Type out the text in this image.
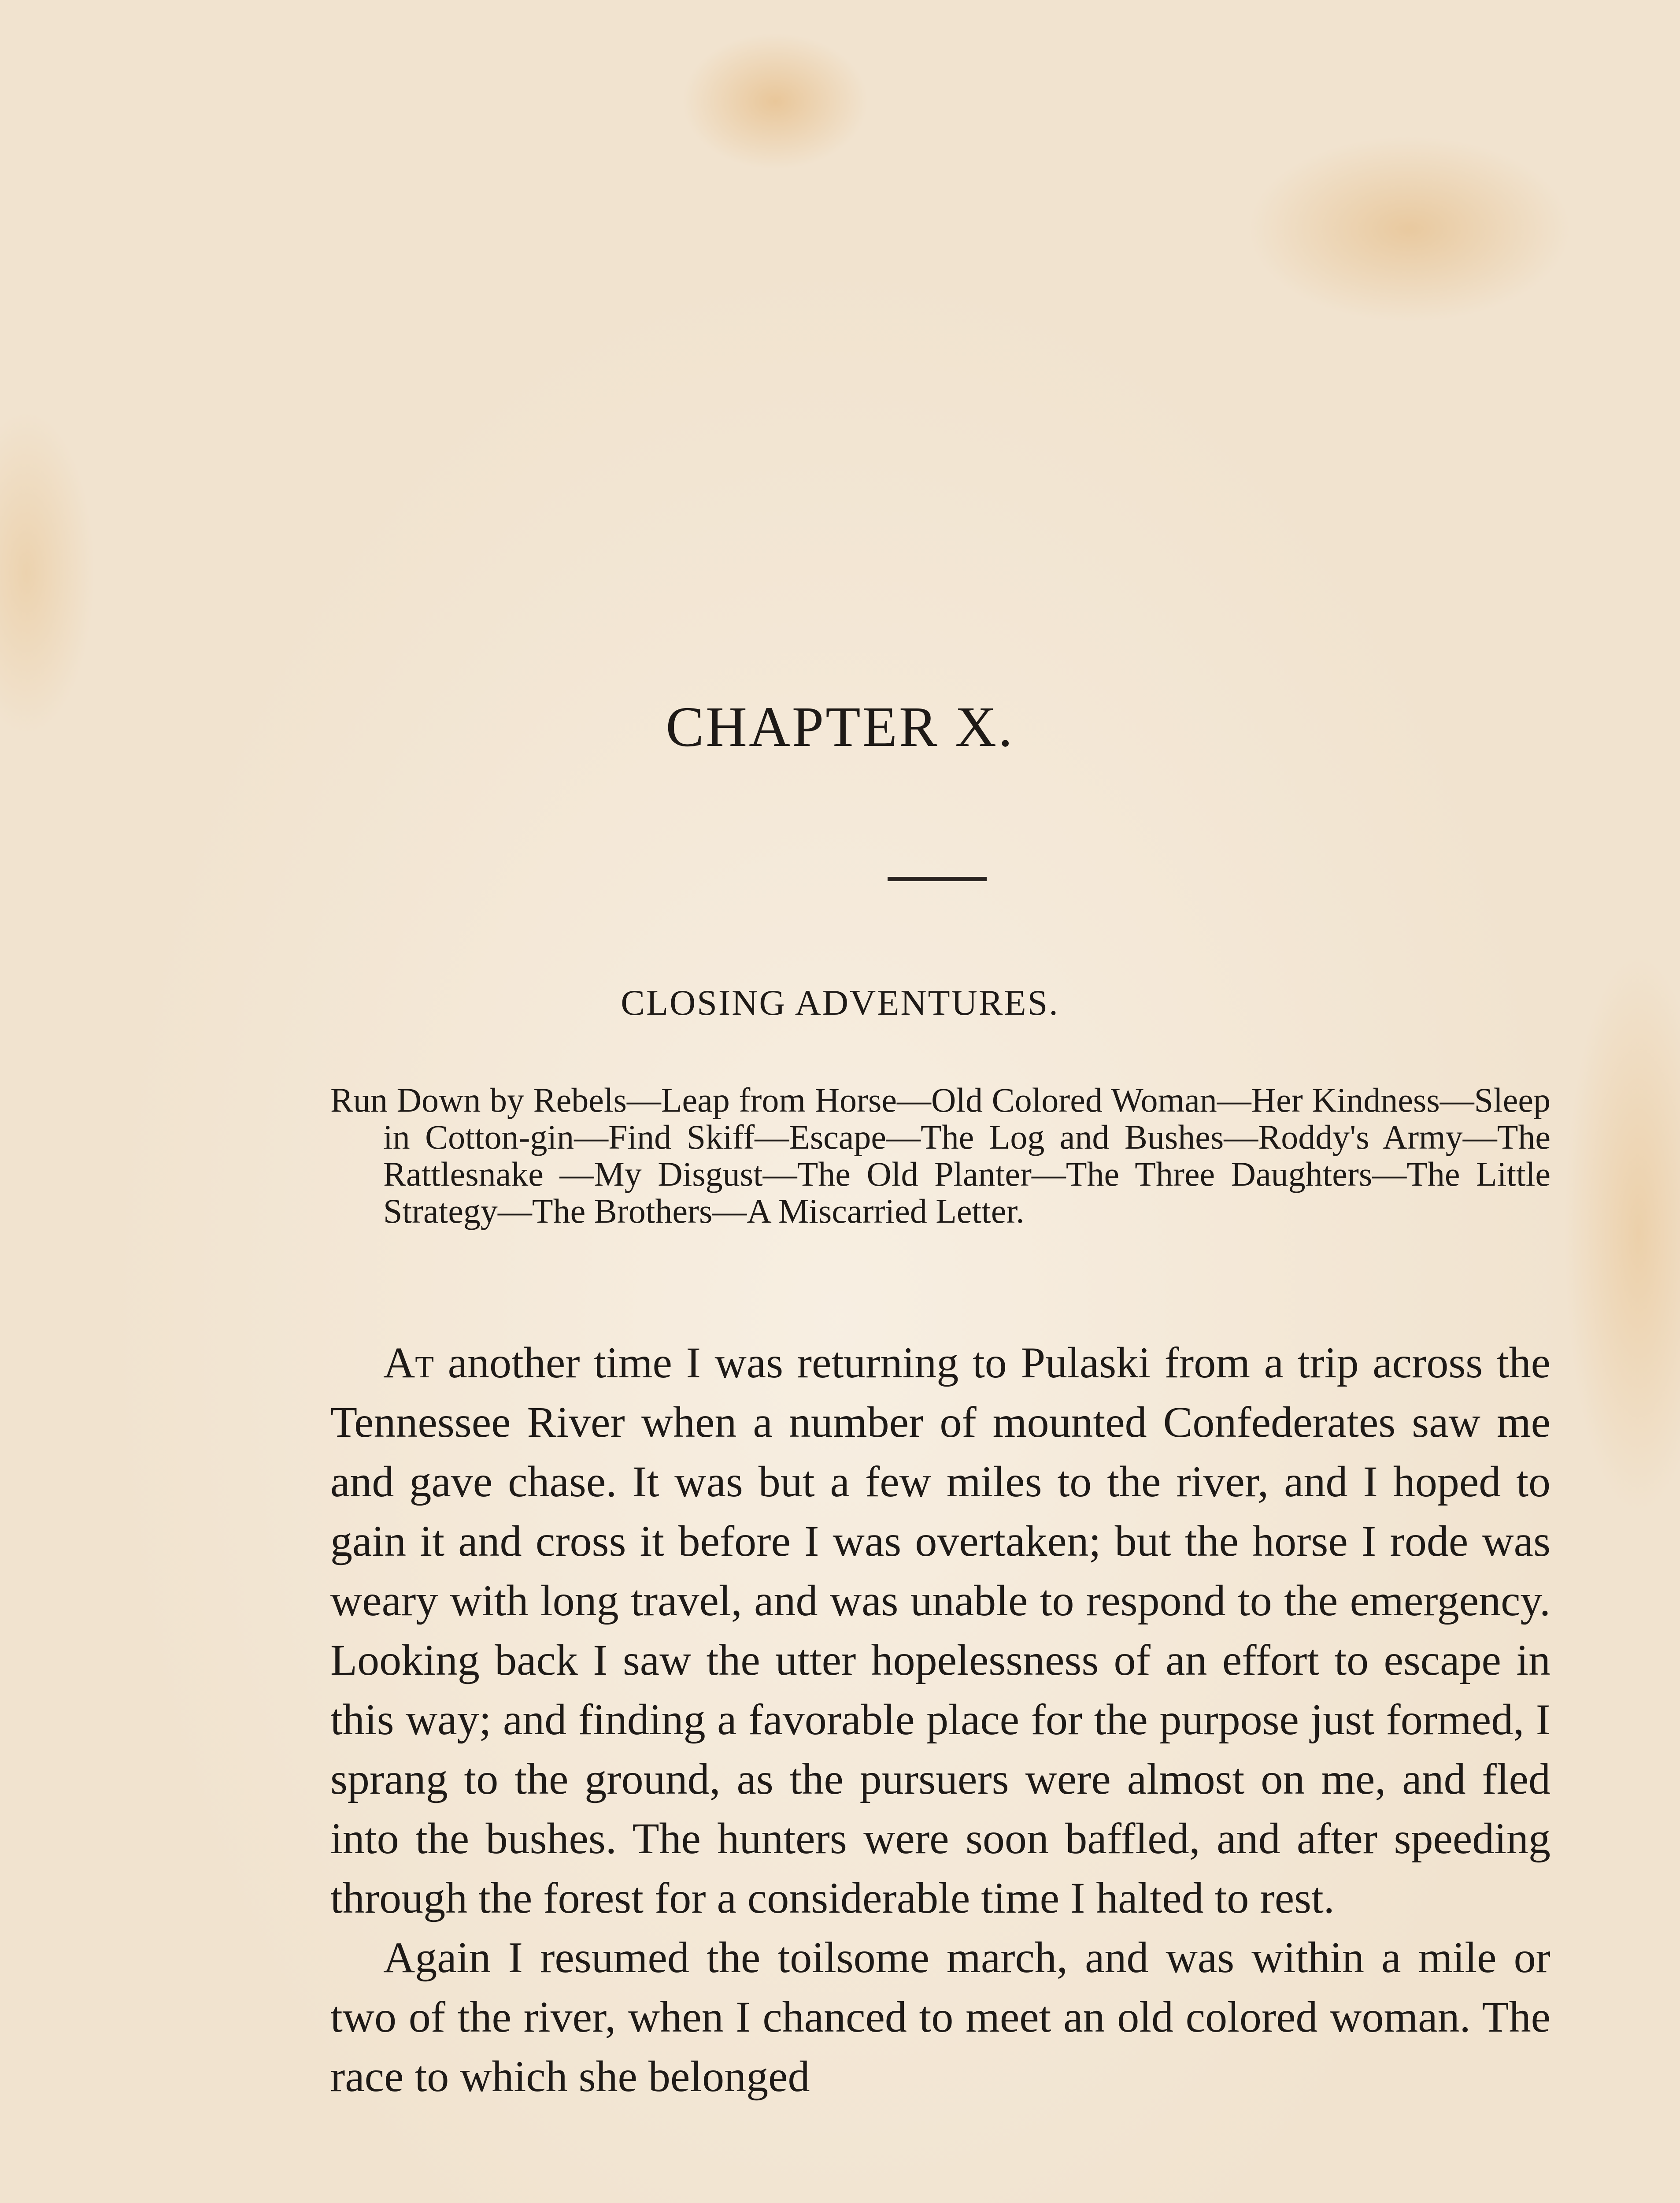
CHAPTER X.
CLOSING ADVENTURES.
Run Down by Rebels—Leap from Horse—Old Colored Woman—Her Kindness—Sleep in Cotton-gin—Find Skiff—Escape—The Log and Bushes—Roddy's Army—The Rattlesnake —My Disgust—The Old Planter—The Three Daughters—The Little Strategy—The Brothers—A Miscarried Letter.

At another time I was returning to Pulaski from a trip across the Tennessee River when a number of mounted Confederates saw me and gave chase. It was but a few miles to the river, and I hoped to gain it and cross it before I was overtaken; but the horse I rode was weary with long travel, and was unable to respond to the emergency. Looking back I saw the utter hopelessness of an effort to escape in this way; and finding a favorable place for the purpose just formed, I sprang to the ground, as the pursuers were almost on me, and fled into the bushes. The hunters were soon baffled, and after speeding through the forest for a considerable time I halted to rest.

Again I resumed the toilsome march, and was within a mile or two of the river, when I chanced to meet an old colored woman. The race to which she belonged
